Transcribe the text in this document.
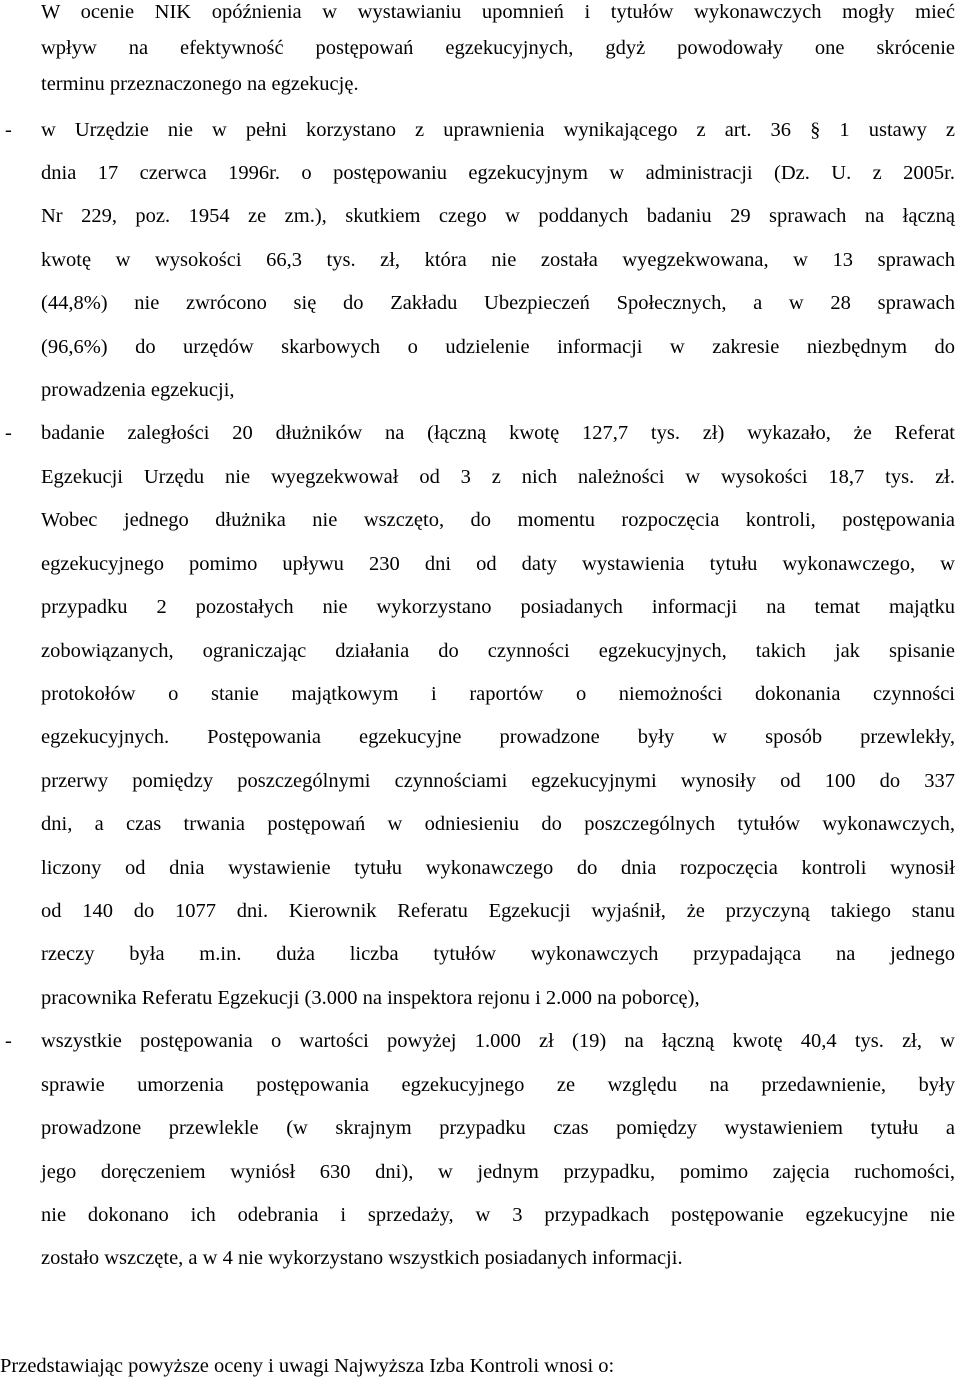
W ocenie NIK opóźnienia w wystawianiu upomnień i tytułów wykonawczych mogły mieć
wpływ na efektywność postępowań egzekucyjnych, gdyż powodowały one skrócenie
terminu przeznaczonego na egzekucję.
- w Urzędzie nie w pełni korzystano z uprawnienia wynikającego z art. 36 § 1 ustawy z
dnia 17 czerwca 1996r. o postępowaniu egzekucyjnym w administracji (Dz. U. z 2005r.
Nr 229, poz. 1954 ze zm.), skutkiem czego w poddanych badaniu 29 sprawach na łączną
kwotę w wysokości 66,3 tys. zł, która nie została wyegzekwowana, w 13 sprawach
(44,8%) nie zwrócono się do Zakładu Ubezpieczeń Społecznych, a w 28 sprawach
(96,6%) do urzędów skarbowych o udzielenie informacji w zakresie niezbędnym do
prowadzenia egzekucji,
- badanie zaległości 20 dłużników na (łączną kwotę 127,7 tys. zł) wykazało, że Referat
Egzekucji Urzędu nie wyegzekwował od 3 z nich należności w wysokości 18,7 tys. zł.
Wobec jednego dłużnika nie wszczęto, do momentu rozpoczęcia kontroli, postępowania
egzekucyjnego pomimo upływu 230 dni od daty wystawienia tytułu wykonawczego, w
przypadku 2 pozostałych nie wykorzystano posiadanych informacji na temat majątku
zobowiązanych, ograniczając działania do czynności egzekucyjnych, takich jak spisanie
protokołów o stanie majątkowym i raportów o niemożności dokonania czynności
egzekucyjnych. Postępowania egzekucyjne prowadzone były w sposób przewlekły,
przerwy pomiędzy poszczególnymi czynnościami egzekucyjnymi wynosiły od 100 do 337
dni, a czas trwania postępowań w odniesieniu do poszczególnych tytułów wykonawczych,
liczony od dnia wystawienie tytułu wykonawczego do dnia rozpoczęcia kontroli wynosił
od 140 do 1077 dni. Kierownik Referatu Egzekucji wyjaśnił, że przyczyną takiego stanu
rzeczy była m.in. duża liczba tytułów wykonawczych przypadająca na jednego
pracownika Referatu Egzekucji (3.000 na inspektora rejonu i 2.000 na poborcę),
- wszystkie postępowania o wartości powyżej 1.000 zł (19) na łączną kwotę 40,4 tys. zł, w
sprawie umorzenia postępowania egzekucyjnego ze względu na przedawnienie, były
prowadzone przewlekle (w skrajnym przypadku czas pomiędzy wystawieniem tytułu a
jego doręczeniem wyniósł 630 dni), w jednym przypadku, pomimo zajęcia ruchomości,
nie dokonano ich odebrania i sprzedaży, w 3 przypadkach postępowanie egzekucyjne nie
zostało wszczęte, a w 4 nie wykorzystano wszystkich posiadanych informacji.
Przedstawiając powyższe oceny i uwagi Najwyższa Izba Kontroli wnosi o:
